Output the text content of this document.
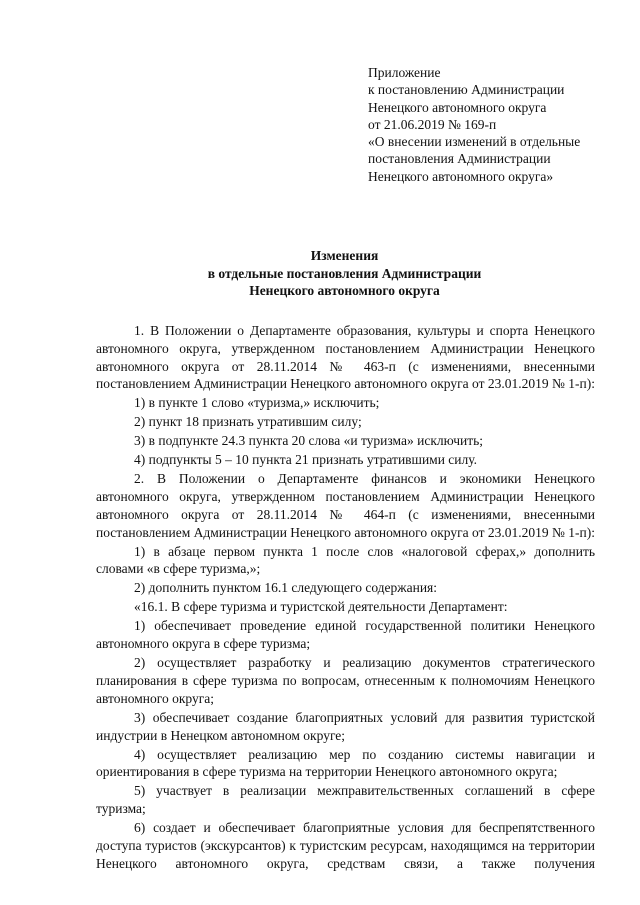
Приложение
к постановлению Администрации
Ненецкого автономного округа
от 21.06.2019 № 169-п
«О внесении изменений в отдельные
постановления Администрации
Ненецкого автономного округа»
Изменения
в отдельные постановления Администрации
Ненецкого автономного округа

1. В Положении о Департаменте образования, культуры и спорта Ненецкого автономного округа, утвержденном постановлением Администрации Ненецкого автономного округа от 28.11.2014 № 463-п (с изменениями, внесенными постановлением Администрации Ненецкого автономного округа от 23.01.2019 № 1-п):

1) в пункте 1 слово «туризма,» исключить;

2) пункт 18 признать утратившим силу;

3) в подпункте 24.3 пункта 20 слова «и туризма» исключить;

4) подпункты 5 – 10 пункта 21 признать утратившими силу.

2. В Положении о Департаменте финансов и экономики Ненецкого автономного округа, утвержденном постановлением Администрации Ненецкого автономного округа от 28.11.2014 № 464-п (с изменениями, внесенными постановлением Администрации Ненецкого автономного округа от 23.01.2019 № 1-п):

1) в абзаце первом пункта 1 после слов «налоговой сферах,» дополнить словами «в сфере туризма,»;

2) дополнить пунктом 16.1 следующего содержания:

«16.1. В сфере туризма и туристской деятельности Департамент:

1) обеспечивает проведение единой государственной политики Ненецкого автономного округа в сфере туризма;

2) осуществляет разработку и реализацию документов стратегического планирования в сфере туризма по вопросам, отнесенным к полномочиям Ненецкого автономного округа;

3) обеспечивает создание благоприятных условий для развития туристской индустрии в Ненецком автономном округе;

4) осуществляет реализацию мер по созданию системы навигации и ориентирования в сфере туризма на территории Ненецкого автономного округа;

5) участвует в реализации межправительственных соглашений в сфере туризма;

6) создает и обеспечивает благоприятные условия для беспрепятственного доступа туристов (экскурсантов) к туристским ресурсам, находящимся на территории Ненецкого автономного округа, средствам связи, а также получения
